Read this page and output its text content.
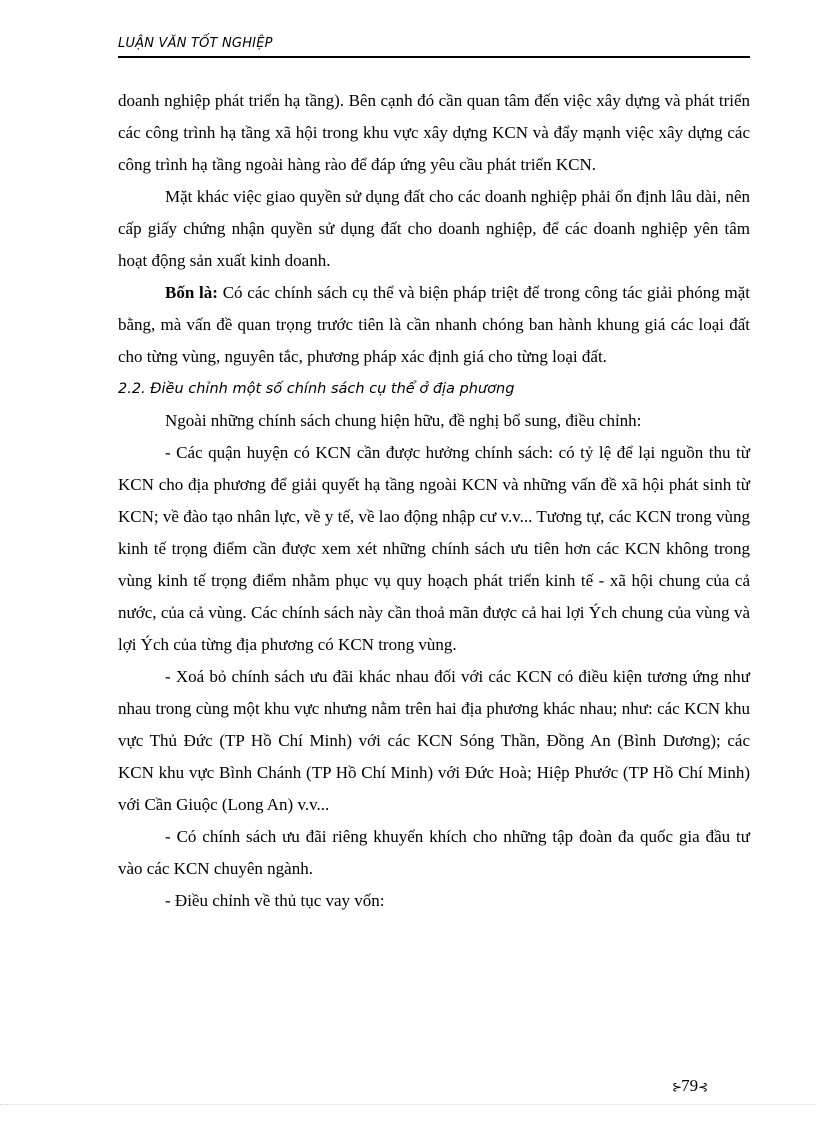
LUẬN VĂN TỐT NGHIỆP

doanh nghiệp phát triển hạ tầng). Bên cạnh đó cần quan tâm đến việc xây dựng và phát triển các công trình hạ tầng xã hội trong khu vực xây dựng KCN và đẩy mạnh việc xây dựng các công trình hạ tầng ngoài hàng rào để đáp ứng yêu cầu phát triển KCN.

Mặt khác việc giao quyền sử dụng đất cho các doanh nghiệp phải ổn định lâu dài, nên cấp giấy chứng nhận quyền sử dụng đất cho doanh nghiệp, để các doanh nghiệp yên tâm hoạt động sản xuất kinh doanh.

Bốn là: Có các chính sách cụ thể và biện pháp triệt để trong công tác giải phóng mặt bằng, mà vấn đề quan trọng trước tiên là cần nhanh chóng ban hành khung giá các loại đất cho từng vùng, nguyên tắc, phương pháp xác định giá cho từng loại đất.

2.2. Điều chỉnh một số chính sách cụ thể ở địa phương

Ngoài những chính sách chung hiện hữu, đề nghị bổ sung, điều chỉnh:

- Các quận huyện có KCN cần được hưởng chính sách: có tỷ lệ để lại nguồn thu từ KCN cho địa phương để giải quyết hạ tầng ngoài KCN và những vấn đề xã hội phát sinh từ KCN; về đào tạo nhân lực, về y tế, về lao động nhập cư v.v... Tương tự, các KCN trong vùng kinh tế trọng điểm cần được xem xét những chính sách ưu tiên hơn các KCN không trong vùng kinh tế trọng điểm nhằm phục vụ quy hoạch phát triển kinh tế - xã hội chung của cả nước, của cả vùng. Các chính sách này cần thoả mãn được cả hai lợi Ých chung của vùng và lợi Ých của từng địa phương có KCN trong vùng.

- Xoá bỏ chính sách ưu đãi khác nhau đối với các KCN có điều kiện tương ứng như nhau trong cùng một khu vực nhưng nằm trên hai địa phương khác nhau; như: các KCN khu vực Thủ Đức (TP Hồ Chí Minh) với các KCN Sóng Thần, Đồng An (Bình Dương); các KCN khu vực Bình Chánh (TP Hồ Chí Minh) với Đức Hoà; Hiệp Phước (TP Hồ Chí Minh) với Cần Giuộc (Long An) v.v...

- Có chính sách ưu đãi riêng khuyến khích cho những tập đoàn đa quốc gia đầu tư vào các KCN chuyên ngành.

- Điều chỉnh về thủ tục vay vốn:

⊱79⊰
